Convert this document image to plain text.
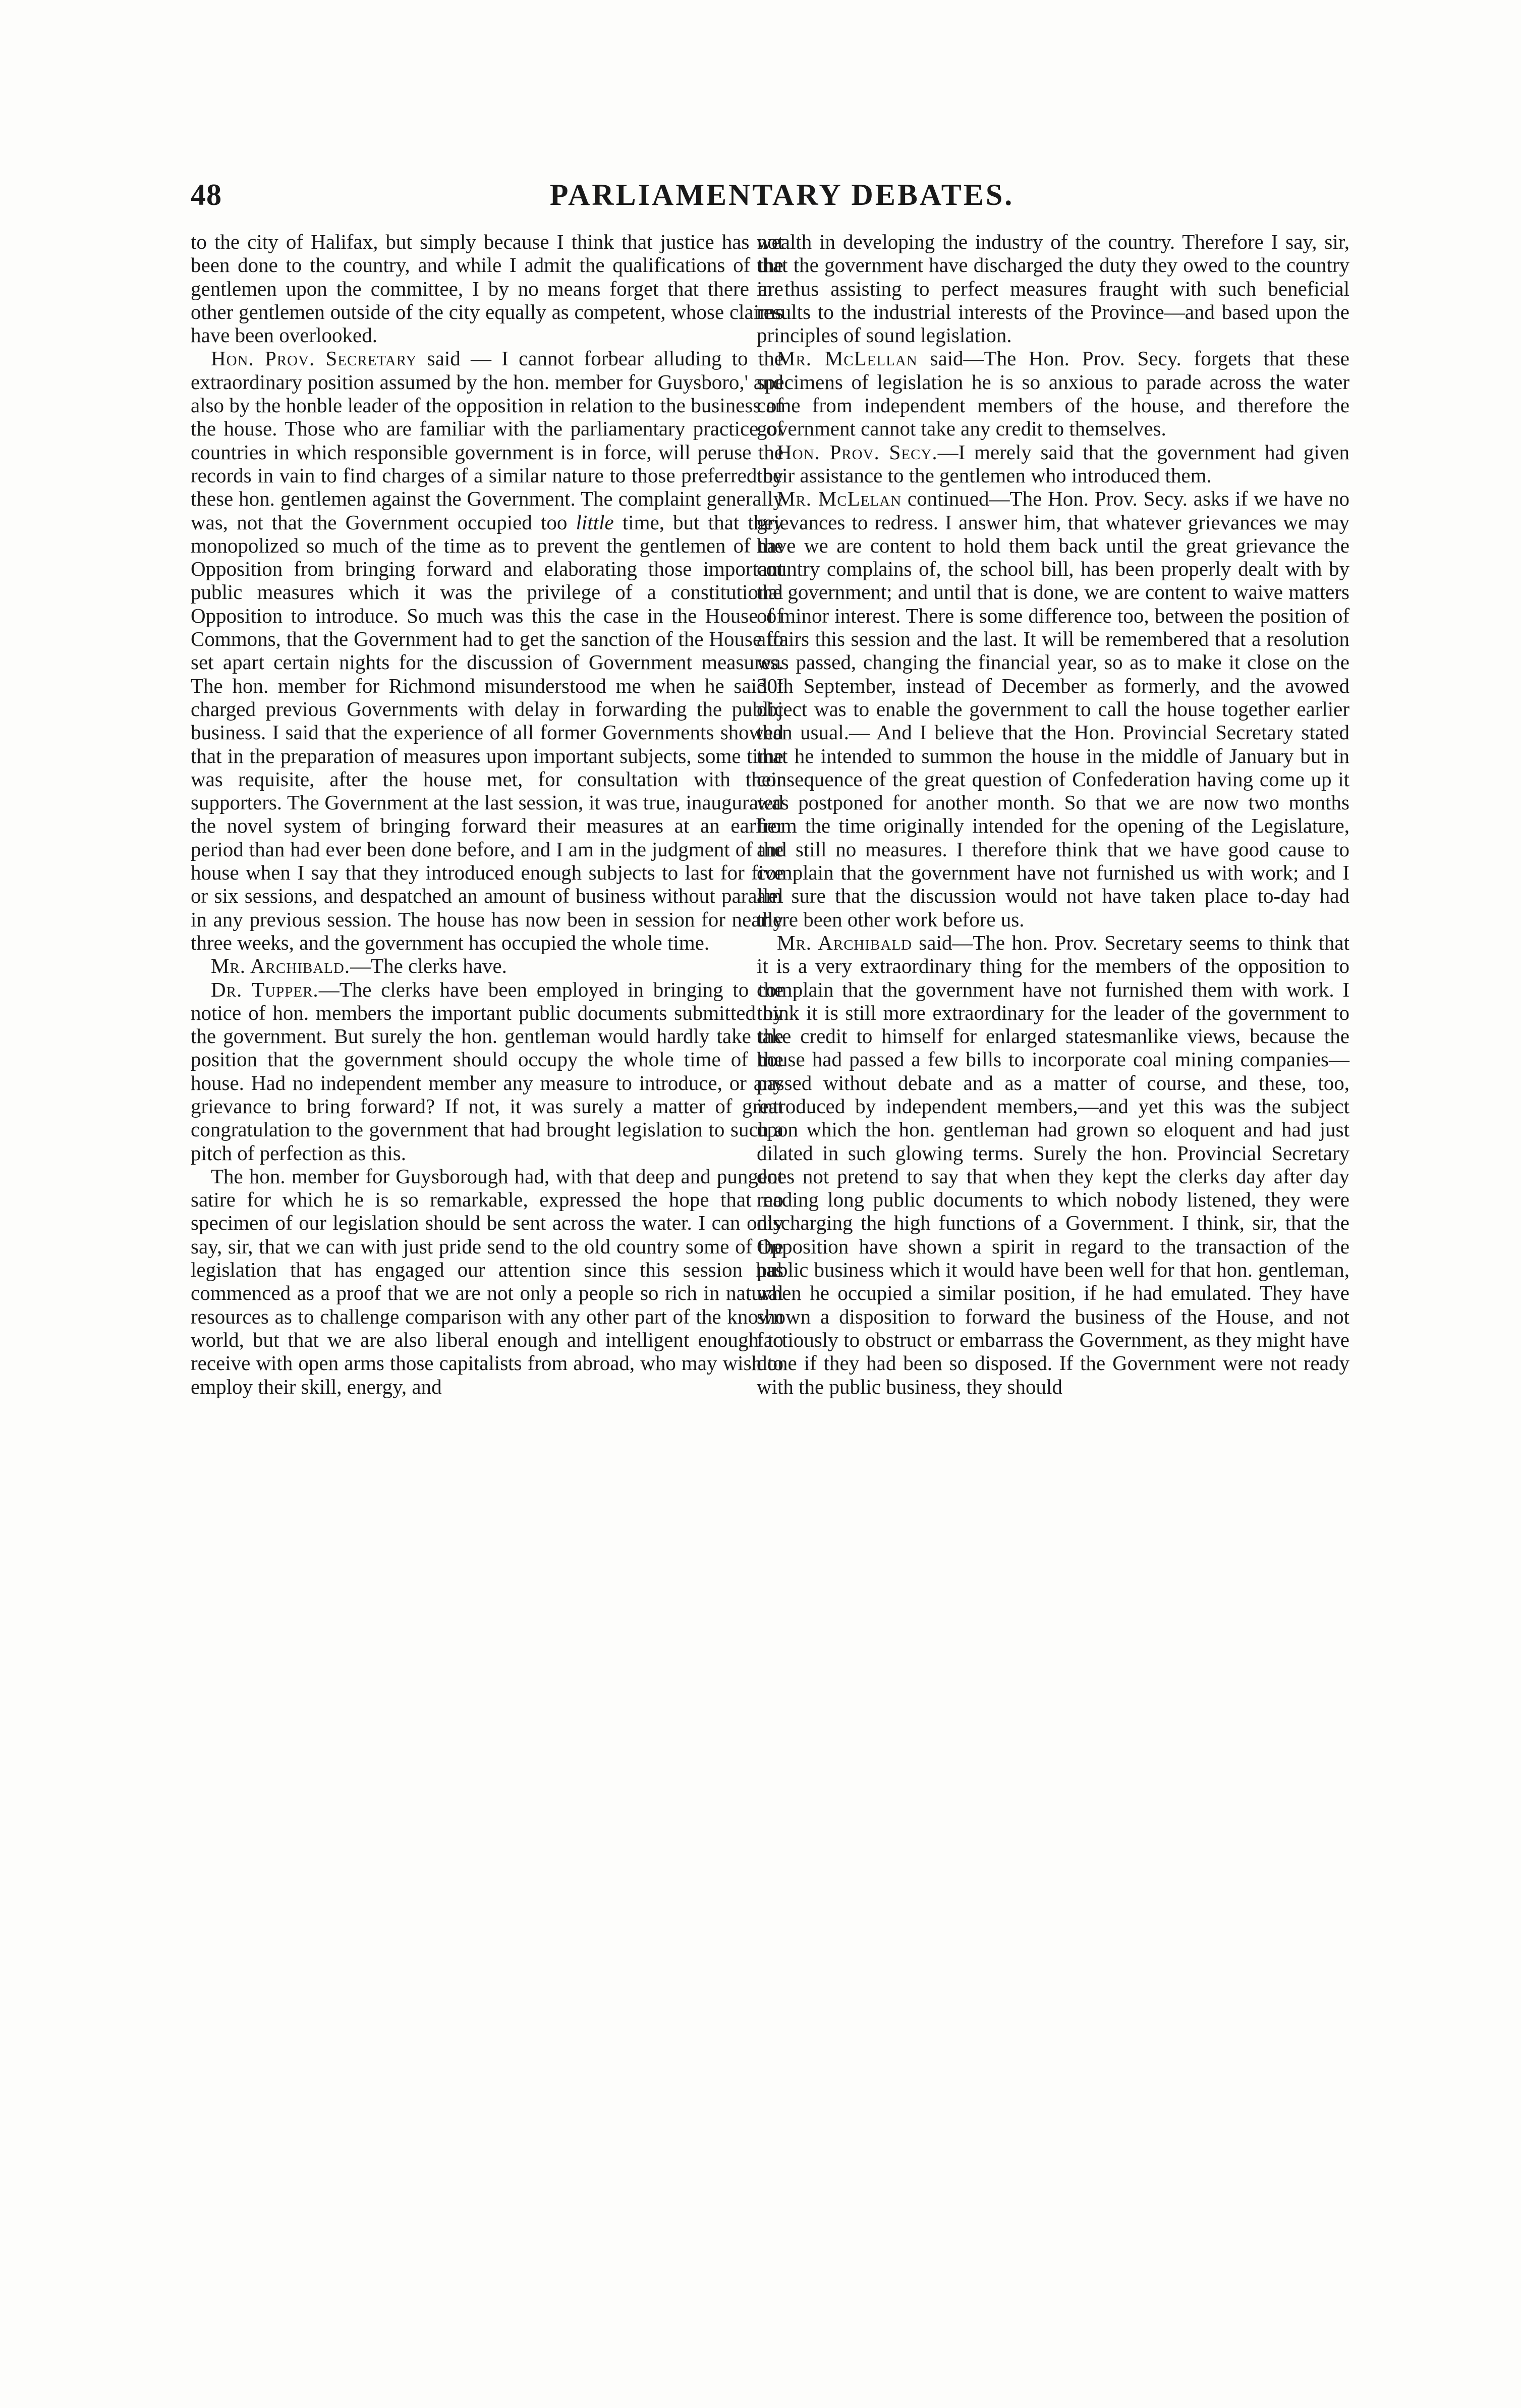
48	PARLIAMENTARY DEBATES.

to the city of Halifax, but simply because I think that justice has not been done to the country, and while I admit the qualifications of the gentlemen upon the committee, I by no means forget that there are other gentlemen outside of the city equally as competent, whose claims have been overlooked.

Hon. Prov. Secretary said — I cannot forbear alluding to the extraordinary position assumed by the hon. member for Guysboro,' and also by the honble leader of the opposition in relation to the business of the house. Those who are familiar with the parliamentary practice of countries in which responsible government is in force, will peruse the records in vain to find charges of a similar nature to those preferred by these hon. gentlemen against the Government. The complaint generally was, not that the Government occupied too little time, but that they monopolized so much of the time as to prevent the gentlemen of the Opposition from bringing forward and elaborating those important public measures which it was the privilege of a constitutional Opposition to introduce. So much was this the case in the House of Commons, that the Government had to get the sanction of the House to set apart certain nights for the discussion of Government measures. The hon. member for Richmond misunderstood me when he said I charged previous Governments with delay in forwarding the public business. I said that the experience of all former Governments showed that in the preparation of measures upon important subjects, some time was requisite, after the house met, for consultation with their supporters. The Government at the last session, it was true, inaugurated the novel system of bringing forward their measures at an earlier period than had ever been done before, and I am in the judgment of the house when I say that they introduced enough subjects to last for five or six sessions, and despatched an amount of business without parallel in any previous session. The house has now been in session for nearly three weeks, and the government has occupied the whole time.

Mr. Archibald.—The clerks have.

Dr. Tupper.—The clerks have been employed in bringing to the notice of hon. members the important public documents submitted by the government. But surely the hon. gentleman would hardly take the position that the government should occupy the whole time of the house. Had no independent member any measure to introduce, or any grievance to bring forward? If not, it was surely a matter of great congratulation to the government that had brought legislation to such a pitch of perfection as this.

The hon. member for Guysborough had, with that deep and pungent satire for which he is so remarkable, expressed the hope that no specimen of our legislation should be sent across the water. I can only say, sir, that we can with just pride send to the old country some of the legislation that has engaged our attention since this session has commenced as a proof that we are not only a people so rich in natural resources as to challenge comparison with any other part of the known world, but that we are also liberal enough and intelligent enough to receive with open arms those capitalists from abroad, who may wish to employ their skill, energy, and

wealth in developing the industry of the country. Therefore I say, sir, that the government have discharged the duty they owed to the country in thus assisting to perfect measures fraught with such beneficial results to the industrial interests of the Province—and based upon the principles of sound legislation.

Mr. McLellan said—The Hon. Prov. Secy. forgets that these specimens of legislation he is so anxious to parade across the water came from independent members of the house, and therefore the government cannot take any credit to themselves.

Hon. Prov. Secy.—I merely said that the government had given their assistance to the gentlemen who introduced them.

Mr. McLelan continued—The Hon. Prov. Secy. asks if we have no grievances to redress. I answer him, that whatever grievances we may have we are content to hold them back until the great grievance the country complains of, the school bill, has been properly dealt with by the government; and until that is done, we are content to waive matters of minor interest. There is some difference too, between the position of affairs this session and the last. It will be remembered that a resolution was passed, changing the financial year, so as to make it close on the 30th September, instead of December as formerly, and the avowed object was to enable the government to call the house together earlier than usual.— And I believe that the Hon. Provincial Secretary stated that he intended to summon the house in the middle of January but in consequence of the great question of Confederation having come up it was postponed for another month. So that we are now two months from the time originally intended for the opening of the Legislature, and still no measures. I therefore think that we have good cause to complain that the government have not furnished us with work; and I am sure that the discussion would not have taken place to-day had there been other work before us.

Mr. Archibald said—The hon. Prov. Secretary seems to think that it is a very extraordinary thing for the members of the opposition to complain that the government have not furnished them with work. I think it is still more extraordinary for the leader of the government to take credit to himself for enlarged statesmanlike views, because the house had passed a few bills to incorporate coal mining companies—passed without debate and as a matter of course, and these, too, introduced by independent members,—and yet this was the subject upon which the hon. gentleman had grown so eloquent and had just dilated in such glowing terms. Surely the hon. Provincial Secretary does not pretend to say that when they kept the clerks day after day reading long public documents to which nobody listened, they were discharging the high functions of a Government. I think, sir, that the Opposition have shown a spirit in regard to the transaction of the public business which it would have been well for that hon. gentleman, when he occupied a similar position, if he had emulated. They have shown a disposition to forward the business of the House, and not factiously to obstruct or embarrass the Government, as they might have done if they had been so disposed. If the Government were not ready with the public business, they should
